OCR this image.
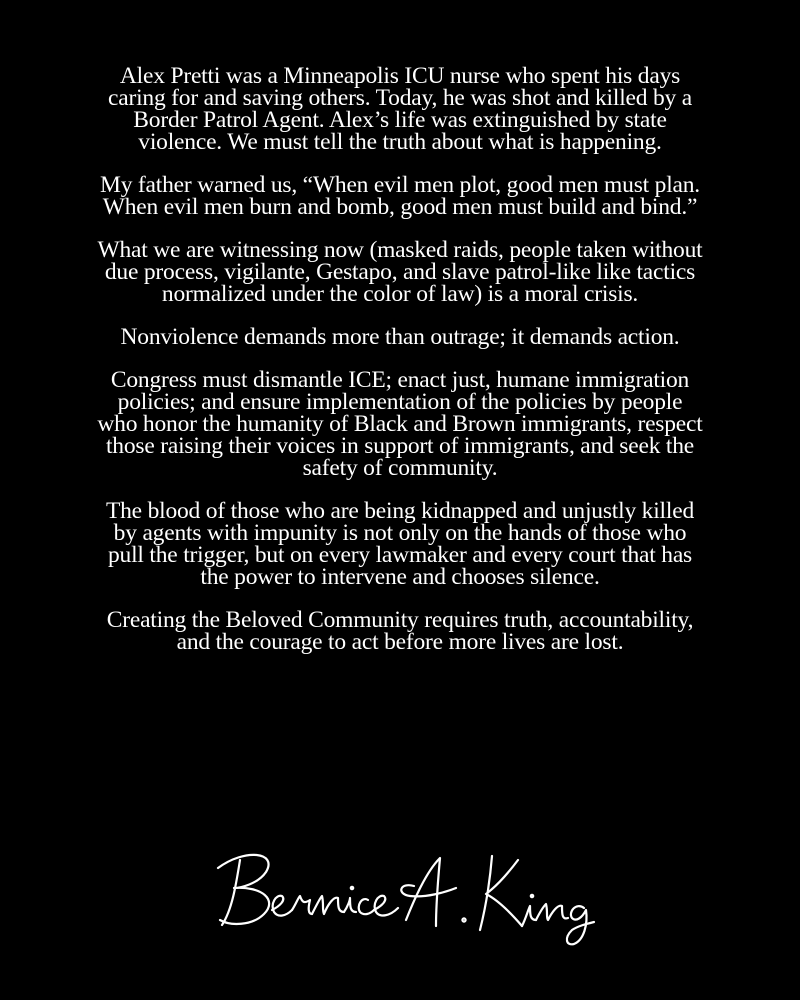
Alex Pretti was a Minneapolis ICU nurse who spent his days caring for and saving others. Today, he was shot and killed by a Border Patrol Agent. Alex’s life was extinguished by state violence. We must tell the truth about what is happening.

My father warned us, “When evil men plot, good men must plan. When evil men burn and bomb, good men must build and bind.”

What we are witnessing now (masked raids, people taken without due process, vigilante, Gestapo, and slave patrol-like like tactics normalized under the color of law) is a moral crisis.

Nonviolence demands more than outrage; it demands action.

Congress must dismantle ICE; enact just, humane immigration policies; and ensure implementation of the policies by people who honor the humanity of Black and Brown immigrants, respect those raising their voices in support of immigrants, and seek the safety of community.

The blood of those who are being kidnapped and unjustly killed by agents with impunity is not only on the hands of those who pull the trigger, but on every lawmaker and every court that has the power to intervene and chooses silence.

Creating the Beloved Community requires truth, accountability, and the courage to act before more lives are lost.
